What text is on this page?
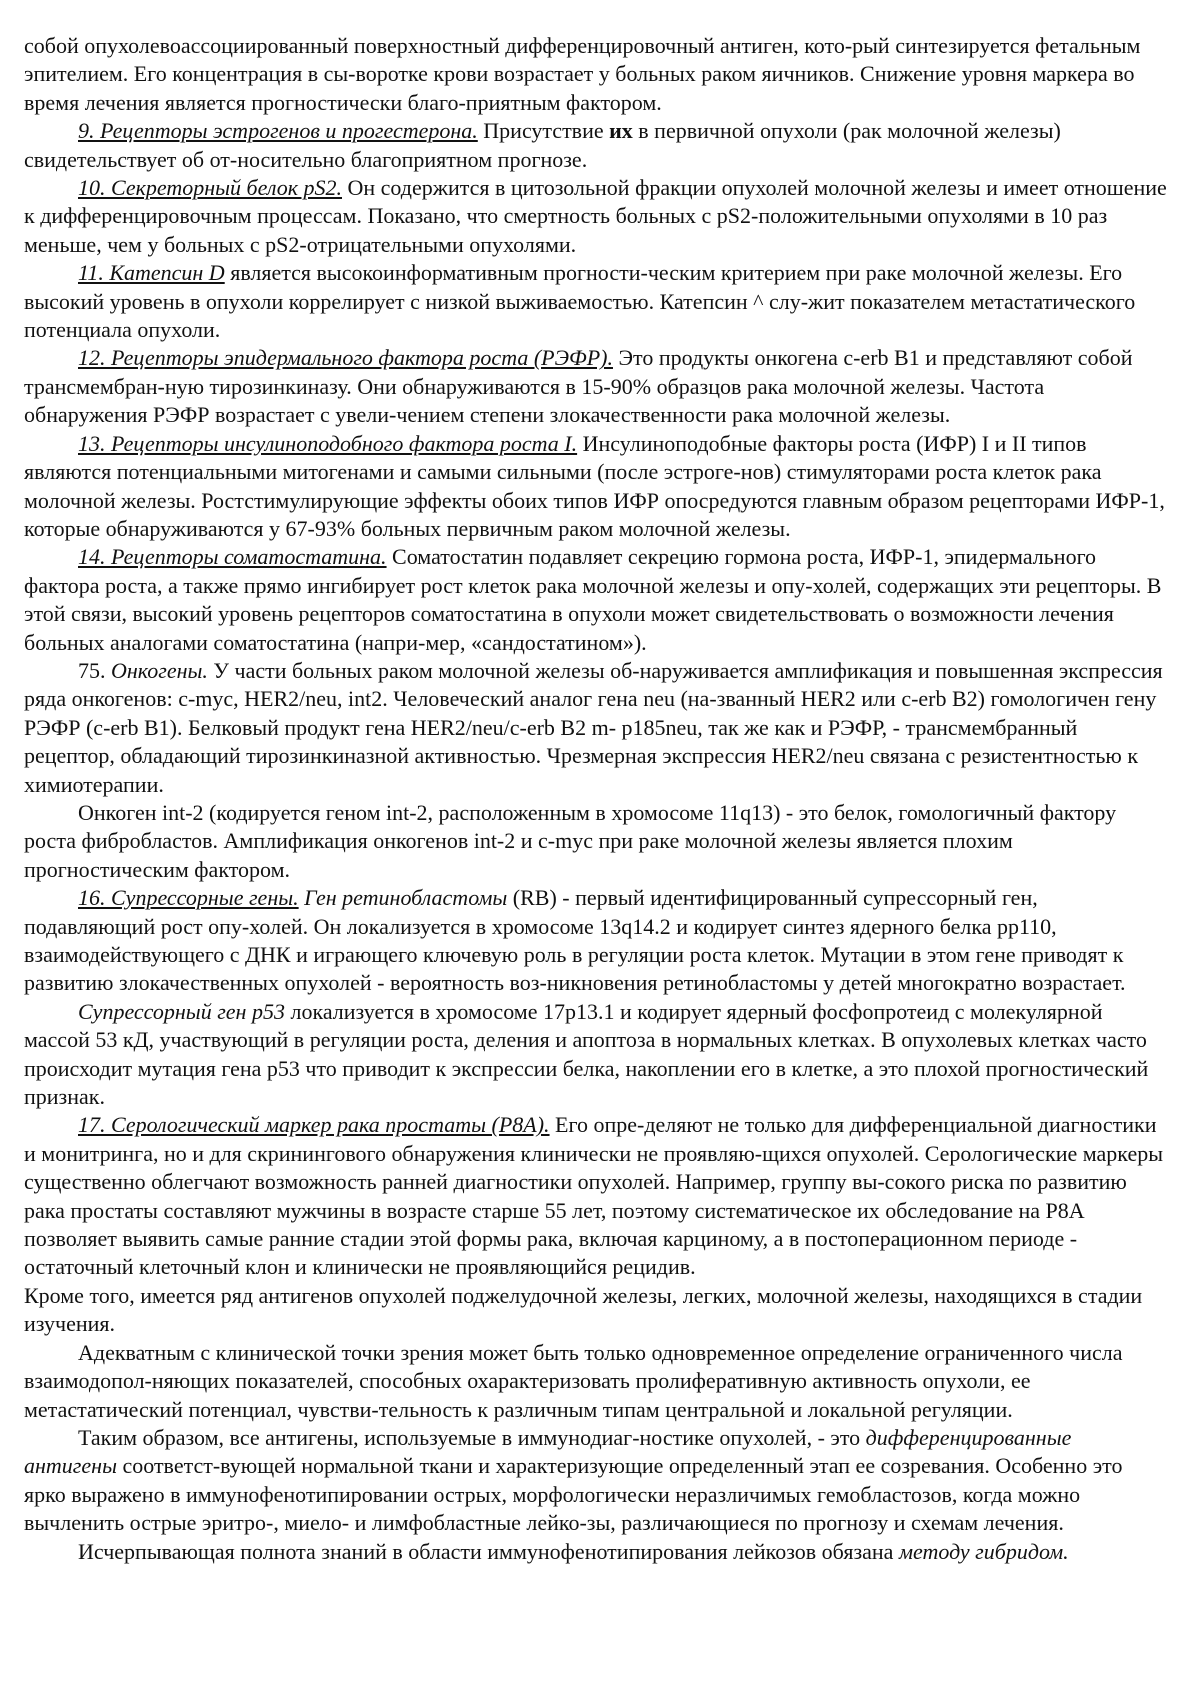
собой опухолевоассоциированный поверхностный дифференцировочный антиген, кото-рый синтезируется фетальным эпителием. Его концентрация в сы-воротке крови возрастает у больных раком яичников. Снижение уровня маркера во время лечения является прогностически благо-приятным фактором.

9. Рецепторы эстрогенов и прогестерона. Присутствие их в первичной опухоли (рак молочной железы) свидетельствует об от-носительно благоприятном прогнозе.

10. Секреторный белок pS2. Он содержится в цитозольной фракции опухолей молочной железы и имеет отношение к дифференцировочным процессам. Показано, что смертность больных с pS2-положительными опухолями в 10 раз меньше, чем у больных с pS2-отрицательными опухолями.

11. Катепсин D является высокоинформативным прогности-ческим критерием при раке молочной железы. Его высокий уровень в опухоли коррелирует с низкой выживаемостью. Катепсин ^ слу-жит показателем метастатического потенциала опухоли.

12. Рецепторы эпидермального фактора роста (РЭФР). Это продукты онкогена c-erb B1 и представляют собой трансмембран-ную тирозинкиназу. Они обнаруживаются в 15-90% образцов рака молочной железы. Частота обнаружения РЭФР возрастает с увели-чением степени злокачественности рака молочной железы.

13. Рецепторы инсулиноподобного фактора роста I. Инсулиноподобные факторы роста (ИФР) I и II типов являются потенциальными митогенами и самыми сильными (после эстроге-нов) стимуляторами роста клеток рака молочной железы. Ростстимулирующие эффекты обоих типов ИФР опосредуются главным образом рецепторами ИФР-1, которые обнаруживаются у 67-93% больных первичным раком молочной железы.

14. Рецепторы соматостатина. Соматостатин подавляет секрецию гормона роста, ИФР-1, эпидермального фактора роста, а также прямо ингибирует рост клеток рака молочной железы и опу-холей, содержащих эти рецепторы. В этой связи, высокий уровень рецепторов соматостатина в опухоли может свидетельствовать о возможности лечения больных аналогами соматостатина (напри-мер, «сандостатином»).

75. Онкогены. У части больных раком молочной железы об-наруживается амплификация и повышенная экспрессия ряда онкогенов: c-myc, HER2/neu, int2. Человеческий аналог гена neu (на-званный HER2 или c-erb B2) гомологичен гену РЭФР (c-erb B1). Белковый продукт гена HER2/neu/c-erb B2 m- p185neu, так же как и РЭФР, - трансмембранный рецептор, обладающий тирозинкиназной активностью. Чрезмерная экспрессия HER2/neu связана с резистентностью к химиотерапии.

Онкоген int-2 (кодируется геном int-2, расположенным в хромосоме 11q13) - это белок, гомологичный фактору роста фибробластов. Амплификация онкогенов int-2 и c-myc при раке молочной железы является плохим прогностическим фактором.

16. Супрессорные гены. Ген ретинобластомы (RB) - первый идентифицированный супрессорный ген, подавляющий рост опу-холей. Он локализуется в хромосоме 13q14.2 и кодирует синтез ядерного белка pp110, взаимодействующего с ДНК и играющего ключевую роль в регуляции роста клеток. Мутации в этом гене приводят к развитию злокачественных опухолей - вероятность воз-никновения ретинобластомы у детей многократно возрастает.

Супрессорный ген p53 локализуется в хромосоме 17p13.1 и кодирует ядерный фосфопротеид с молекулярной массой 53 кД, участвующий в регуляции роста, деления и апоптоза в нормальных клетках. В опухолевых клетках часто происходит мутация гена p53 что приводит к экспрессии белка, накоплении его в клетке, а это плохой прогностический признак.

17. Серологический маркер рака простаты (P8A). Его опре-деляют не только для дифференциальной диагностики и монитринга, но и для скринингового обнаружения клинически не проявляю-щихся опухолей. Серологические маркеры существенно облегчают возможность ранней диагностики опухолей. Например, группу вы-сокого риска по развитию рака простаты составляют мужчины в возрасте старше 55 лет, поэтому систематическое их обследование на P8A позволяет выявить самые ранние стадии этой формы рака, включая карциному, а в постоперационном периоде - остаточный клеточный клон и клинически не проявляющийся рецидив.

Кроме того, имеется ряд антигенов опухолей поджелудочной железы, легких, молочной железы, находящихся в стадии изучения.

Адекватным с клинической точки зрения может быть только одновременное определение ограниченного числа взаимодопол-няющих показателей, способных охарактеризовать пролиферативную активность опухоли, ее метастатический потенциал, чувстви-тельность к различным типам центральной и локальной регуляции.

Таким образом, все антигены, используемые в иммунодиаг-ностике опухолей, - это дифференцированные антигены соответст-вующей нормальной ткани и характеризующие определенный этап ее созревания. Особенно это ярко выражено в иммунофенотипировании острых, морфологически неразличимых гемобластозов, когда можно вычленить острые эритро-, миело- и лимфобластные лейко-зы, различающиеся по прогнозу и схемам лечения.

Исчерпывающая полнота знаний в области иммунофенотипирования лейкозов обязана методу гибридом.
